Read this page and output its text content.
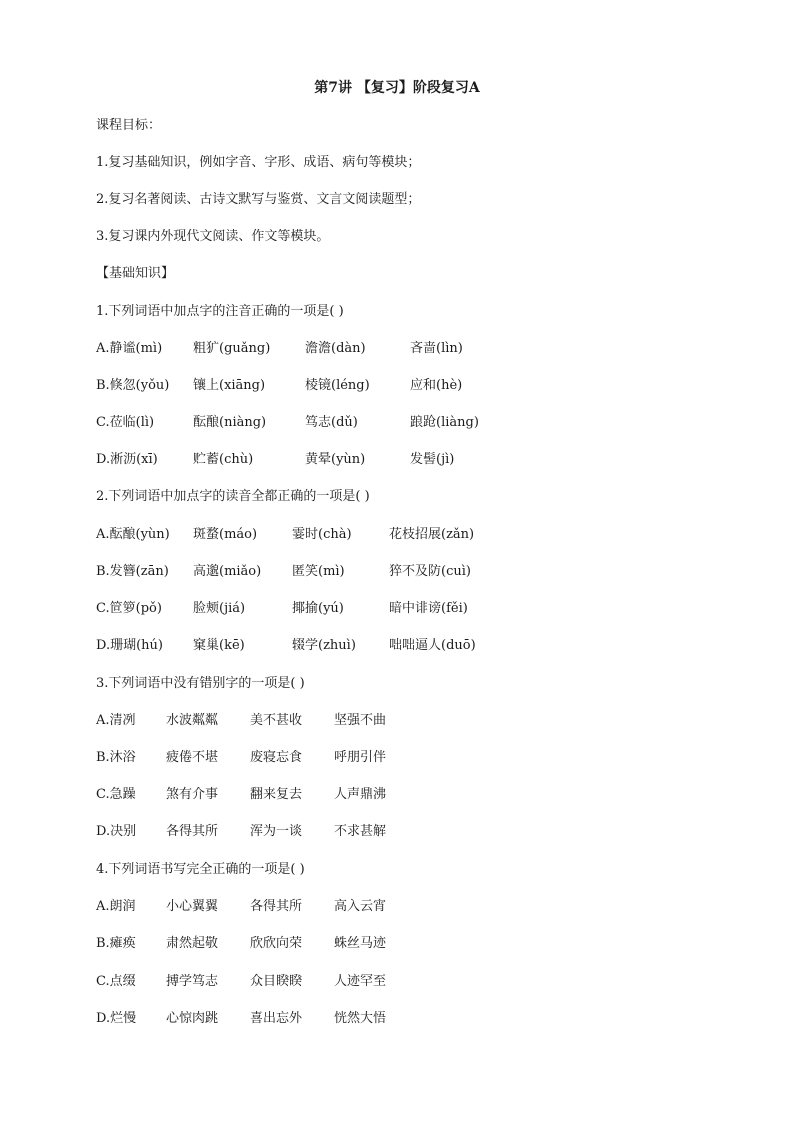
第7讲 【复习】阶段复习A
课程目标：
1.复习基础知识，例如字音、字形、成语、病句等模块；
2.复习名著阅读、古诗文默写与鉴赏、文言文阅读题型；
3.复习课内外现代文阅读、作文等模块。
【基础知识】
1.下列词语中加点字的注音正确的一项是( )
A.静谧(mì) 粗犷(guǎng)	澹澹(dàn)	吝啬(lìn)
B.倏忽(yǒu) 镶上(xiāng)	棱镜(léng)	应和(hè)
C.莅临(lì)	酝酿(niàng)	笃志(dǔ)	踉跄(liàng)
D.淅沥(xī)	贮蓄(chù)	黄晕(yùn)	发髻(jì)
2.下列词语中加点字的读音全都正确的一项是( )
A.酝酿(yùn) 斑蝥(máo)	霎时(chà)	花枝招展(zǎn)
B.发簪(zān) 高邈(miǎo) 匿笑(mì)	猝不及防(cuì)
C.笸箩(pǒ) 脸颊(jiá)	揶揄(yú)	暗中诽谤(fěi)
D.珊瑚(hú) 窠巢(kē)	辍学(zhuì)	咄咄逼人(duō)
3.下列词语中没有错别字的一项是( )
A.清冽 水波粼粼 美不甚收 坚强不曲
B.沐浴 疲倦不堪 废寝忘食 呼朋引伴
C.急躁 煞有介事 翻来复去 人声鼎沸
D.决别 各得其所 浑为一谈 不求甚解
4.下列词语书写完全正确的一项是( )
A.朗润 小心翼翼 各得其所 高入云宵
B.瘫痪 肃然起敬 欣欣向荣 蛛丝马迹
C.点缀 搏学笃志 众目睽睽 人迹罕至
D.烂慢 心惊肉跳 喜出忘外 恍然大悟
